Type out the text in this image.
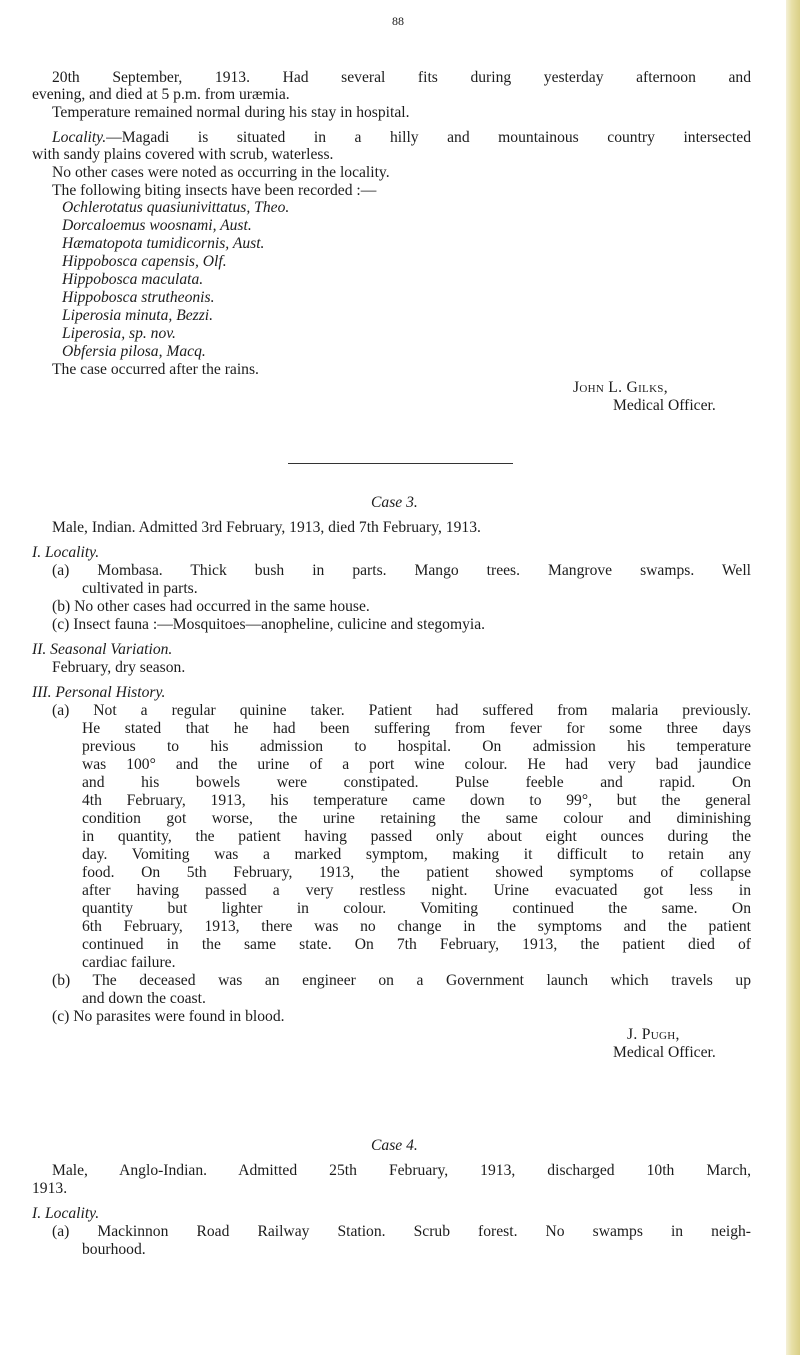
88
20th September, 1913. Had several fits during yesterday afternoon and
evening, and died at 5 p.m. from uræmia.
Temperature remained normal during his stay in hospital.
Locality.—Magadi is situated in a hilly and mountainous country intersected
with sandy plains covered with scrub, waterless.
No other cases were noted as occurring in the locality.
The following biting insects have been recorded :—
Ochlerotatus quasiunivittatus, Theo.
Dorcaloemus woosnami, Aust.
Hæmatopota tumidicornis, Aust.
Hippobosca capensis, Olf.
Hippobosca maculata.
Hippobosca strutheonis.
Liperosia minuta, Bezzi.
Liperosia, sp. nov.
Obfersia pilosa, Macq.
The case occurred after the rains.
John L. Gilks,
Medical Officer.
Case 3.
Male, Indian. Admitted 3rd February, 1913, died 7th February, 1913.
I. Locality.
(a) Mombasa. Thick bush in parts. Mango trees. Mangrove swamps. Well
cultivated in parts.
(b) No other cases had occurred in the same house.
(c) Insect fauna :—Mosquitoes—anopheline, culicine and stegomyia.
II. Seasonal Variation.
February, dry season.
III. Personal History.
(a) Not a regular quinine taker. Patient had suffered from malaria previously.
He stated that he had been suffering from fever for some three days
previous to his admission to hospital. On admission his temperature
was 100° and the urine of a port wine colour. He had very bad jaundice
and his bowels were constipated. Pulse feeble and rapid. On
4th February, 1913, his temperature came down to 99°, but the general
condition got worse, the urine retaining the same colour and diminishing
in quantity, the patient having passed only about eight ounces during the
day. Vomiting was a marked symptom, making it difficult to retain any
food. On 5th February, 1913, the patient showed symptoms of collapse
after having passed a very restless night. Urine evacuated got less in
quantity but lighter in colour. Vomiting continued the same. On
6th February, 1913, there was no change in the symptoms and the patient
continued in the same state. On 7th February, 1913, the patient died of
cardiac failure.
(b) The deceased was an engineer on a Government launch which travels up
and down the coast.
(c) No parasites were found in blood.
J. Pugh,
Medical Officer.
Case 4.
Male, Anglo-Indian. Admitted 25th February, 1913, discharged 10th March,
1913.
I. Locality.
(a) Mackinnon Road Railway Station. Scrub forest. No swamps in neigh-
bourhood.
